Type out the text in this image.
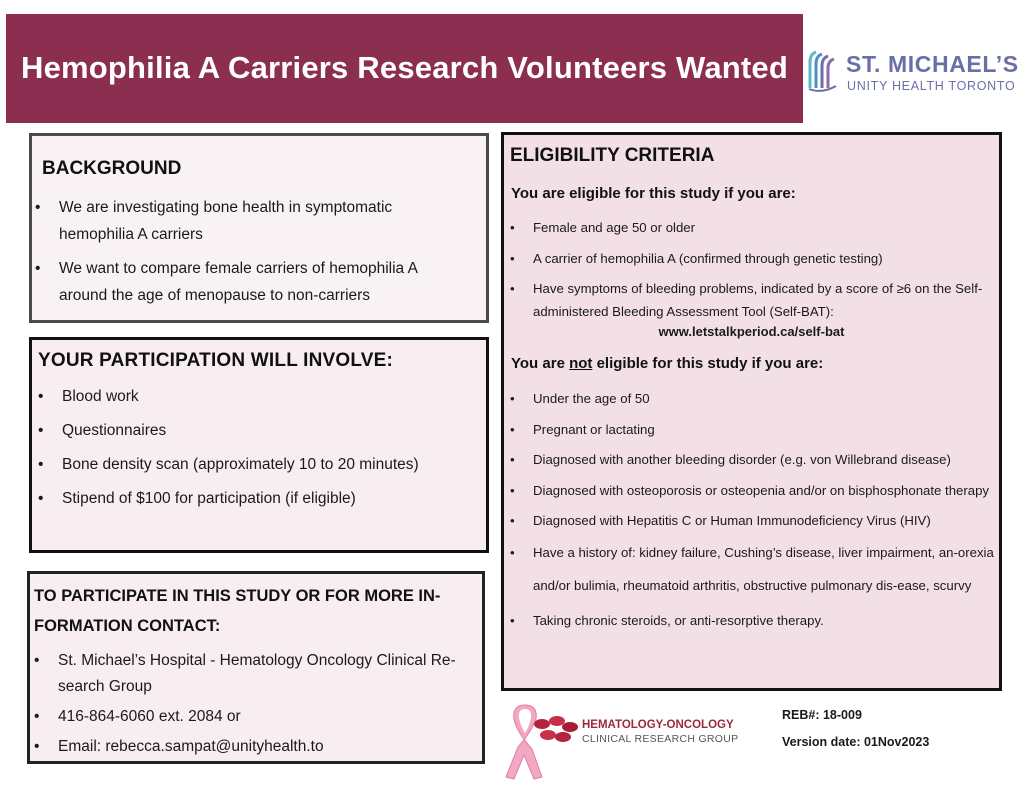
Hemophilia A Carriers Research Volunteers Wanted	ST. MICHAEL’S
UNITY HEALTH TORONTO
BACKGROUND
• We are investigating bone health in symptomatic hemophilia A carriers
• We want to compare female carriers of hemophilia A around the age of menopause to non-carriers
YOUR PARTICIPATION WILL INVOLVE:
• Blood work
• Questionnaires
• Bone density scan (approximately 10 to 20 minutes)
• Stipend of $100 for participation (if eligible)
TO PARTICIPATE IN THIS STUDY OR FOR MORE IN-FORMATION CONTACT:
• St. Michael’s Hospital - Hematology Oncology Clinical Re-search Group
• 416-864-6060 ext. 2084 or
• Email: rebecca.sampat@unityhealth.to
ELIGIBILITY CRITERIA
You are eligible for this study if you are:
• Female and age 50 or older
• A carrier of hemophilia A (confirmed through genetic testing)
• Have symptoms of bleeding problems, indicated by a score of ≥6 on the Self-administered Bleeding Assessment Tool (Self-BAT):
www.letstalkperiod.ca/self-bat
You are not eligible for this study if you are:
• Under the age of 50
• Pregnant or lactating
• Diagnosed with another bleeding disorder (e.g. von Willebrand disease)
• Diagnosed with osteoporosis or osteopenia and/or on bisphosphonate therapy
• Diagnosed with Hepatitis C or Human Immunodeficiency Virus (HIV)
• Have a history of: kidney failure, Cushing’s disease, liver impairment, an-orexia and/or bulimia, rheumatoid arthritis, obstructive pulmonary dis-ease, scurvy
• Taking chronic steroids, or anti-resorptive therapy.
HEMATOLOGY-ONCOLOGY
CLINICAL RESEARCH GROUP
REB#: 18-009
Version date: 01Nov2023
